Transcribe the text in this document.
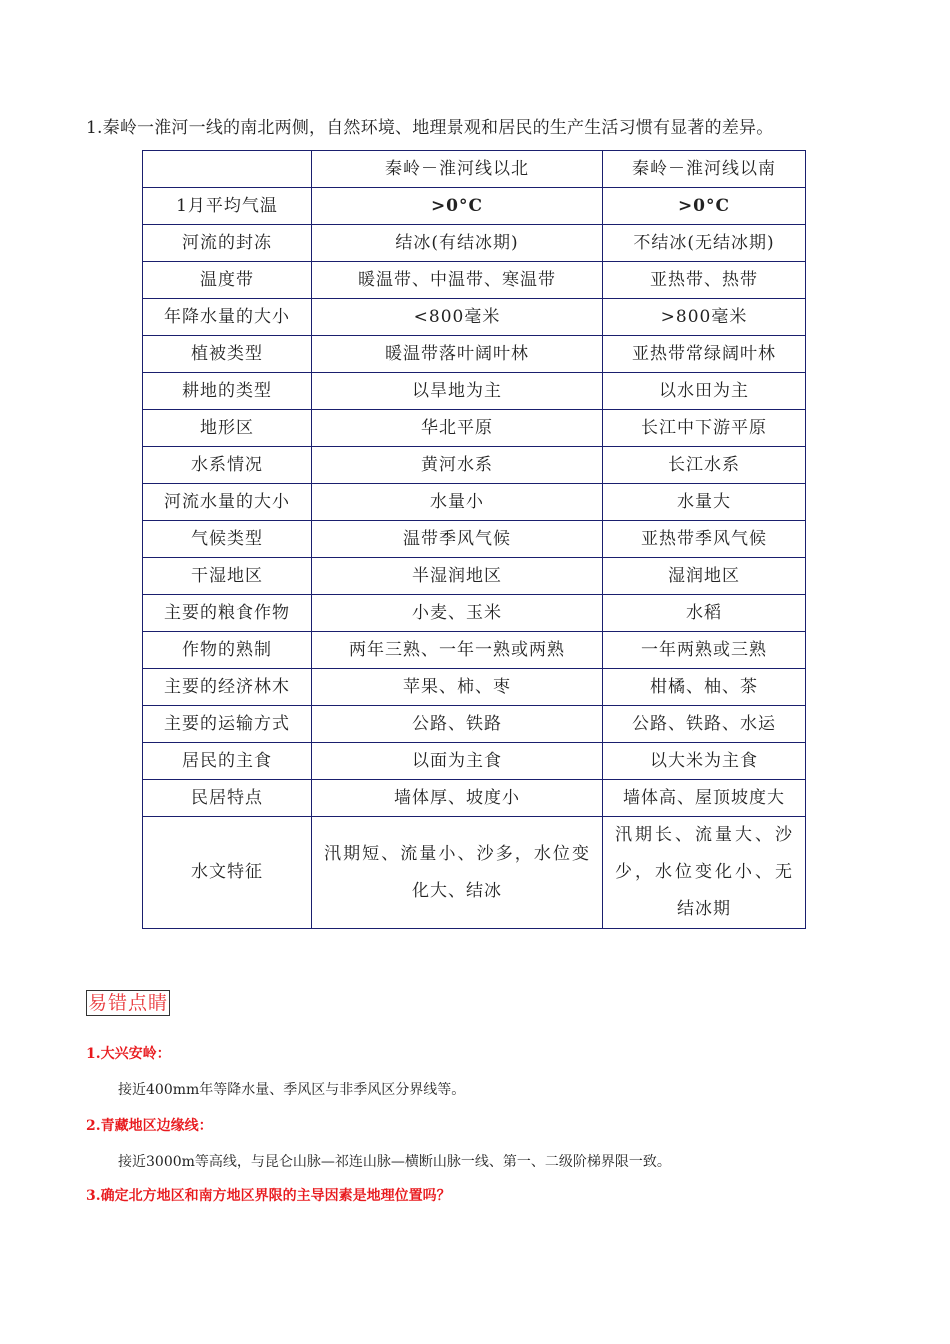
1.秦岭一淮河一线的南北两侧，自然环境、地理景观和居民的生产生活习惯有显著的差异。
	秦岭－淮河线以北	秦岭－淮河线以南
1月平均气温	>0°C	>0°C
河流的封冻	结冰(有结冰期)	不结冰(无结冰期)
温度带	暖温带、中温带、寒温带	亚热带、热带
年降水量的大小	<800毫米	>800毫米
植被类型	暖温带落叶阔叶林	亚热带常绿阔叶林
耕地的类型	以旱地为主	以水田为主
地形区	华北平原	长江中下游平原
水系情况	黄河水系	长江水系
河流水量的大小	水量小	水量大
气候类型	温带季风气候	亚热带季风气候
干湿地区	半湿润地区	湿润地区
主要的粮食作物	小麦、玉米	水稻
作物的熟制	两年三熟、一年一熟或两熟	一年两熟或三熟
主要的经济林木	苹果、柿、枣	柑橘、柚、茶
主要的运输方式	公路、铁路	公路、铁路、水运
居民的主食	以面为主食	以大米为主食
民居特点	墙体厚、坡度小	墙体高、屋顶坡度大
水文特征	汛期短、流量小、沙多，水位变化大、结冰	汛期长、流量大、沙少，水位变化小、无结冰期
易错点睛
1.大兴安岭：
接近400mm年等降水量、季风区与非季风区分界线等。
2.青藏地区边缘线：
接近3000m等高线，与昆仑山脉—祁连山脉—横断山脉一线、第一、二级阶梯界限一致。
3.确定北方地区和南方地区界限的主导因素是地理位置吗？
